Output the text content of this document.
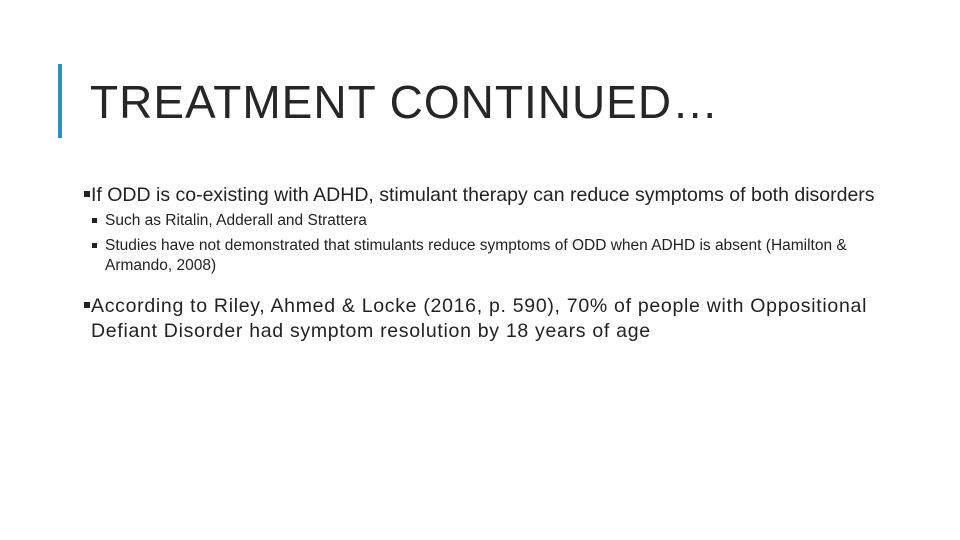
TREATMENT CONTINUED…
If ODD is co-existing with ADHD, stimulant therapy can reduce symptoms of both disorders
Such as Ritalin, Adderall and Strattera
Studies have not demonstrated that stimulants reduce symptoms of ODD when ADHD is absent (Hamilton & Armando, 2008)
According to Riley, Ahmed & Locke (2016, p. 590), 70% of people with Oppositional Defiant Disorder had symptom resolution by 18 years of age
